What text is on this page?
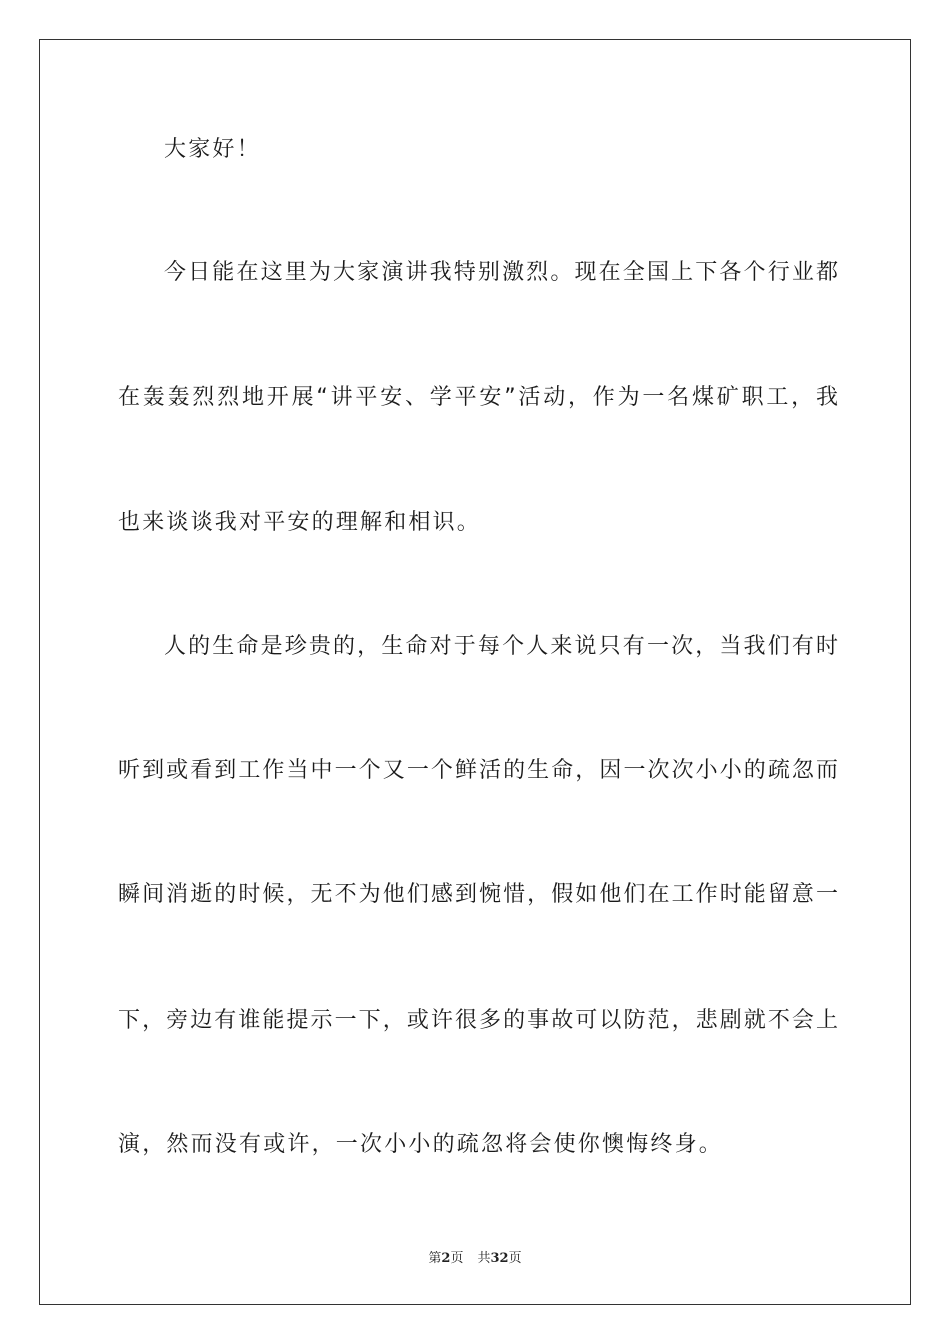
大家好！
今日能在这里为大家演讲我特别激烈。现在全国上下各个行业都
在轰轰烈烈地开展“讲平安、学平安”活动，作为一名煤矿职工，我
也来谈谈我对平安的理解和相识。
人的生命是珍贵的，生命对于每个人来说只有一次，当我们有时
听到或看到工作当中一个又一个鲜活的生命，因一次次小小的疏忽而
瞬间消逝的时候，无不为他们感到惋惜，假如他们在工作时能留意一
下，旁边有谁能提示一下，或许很多的事故可以防范，悲剧就不会上
演，然而没有或许，一次小小的疏忽将会使你懊悔终身。
第2页 共32页
